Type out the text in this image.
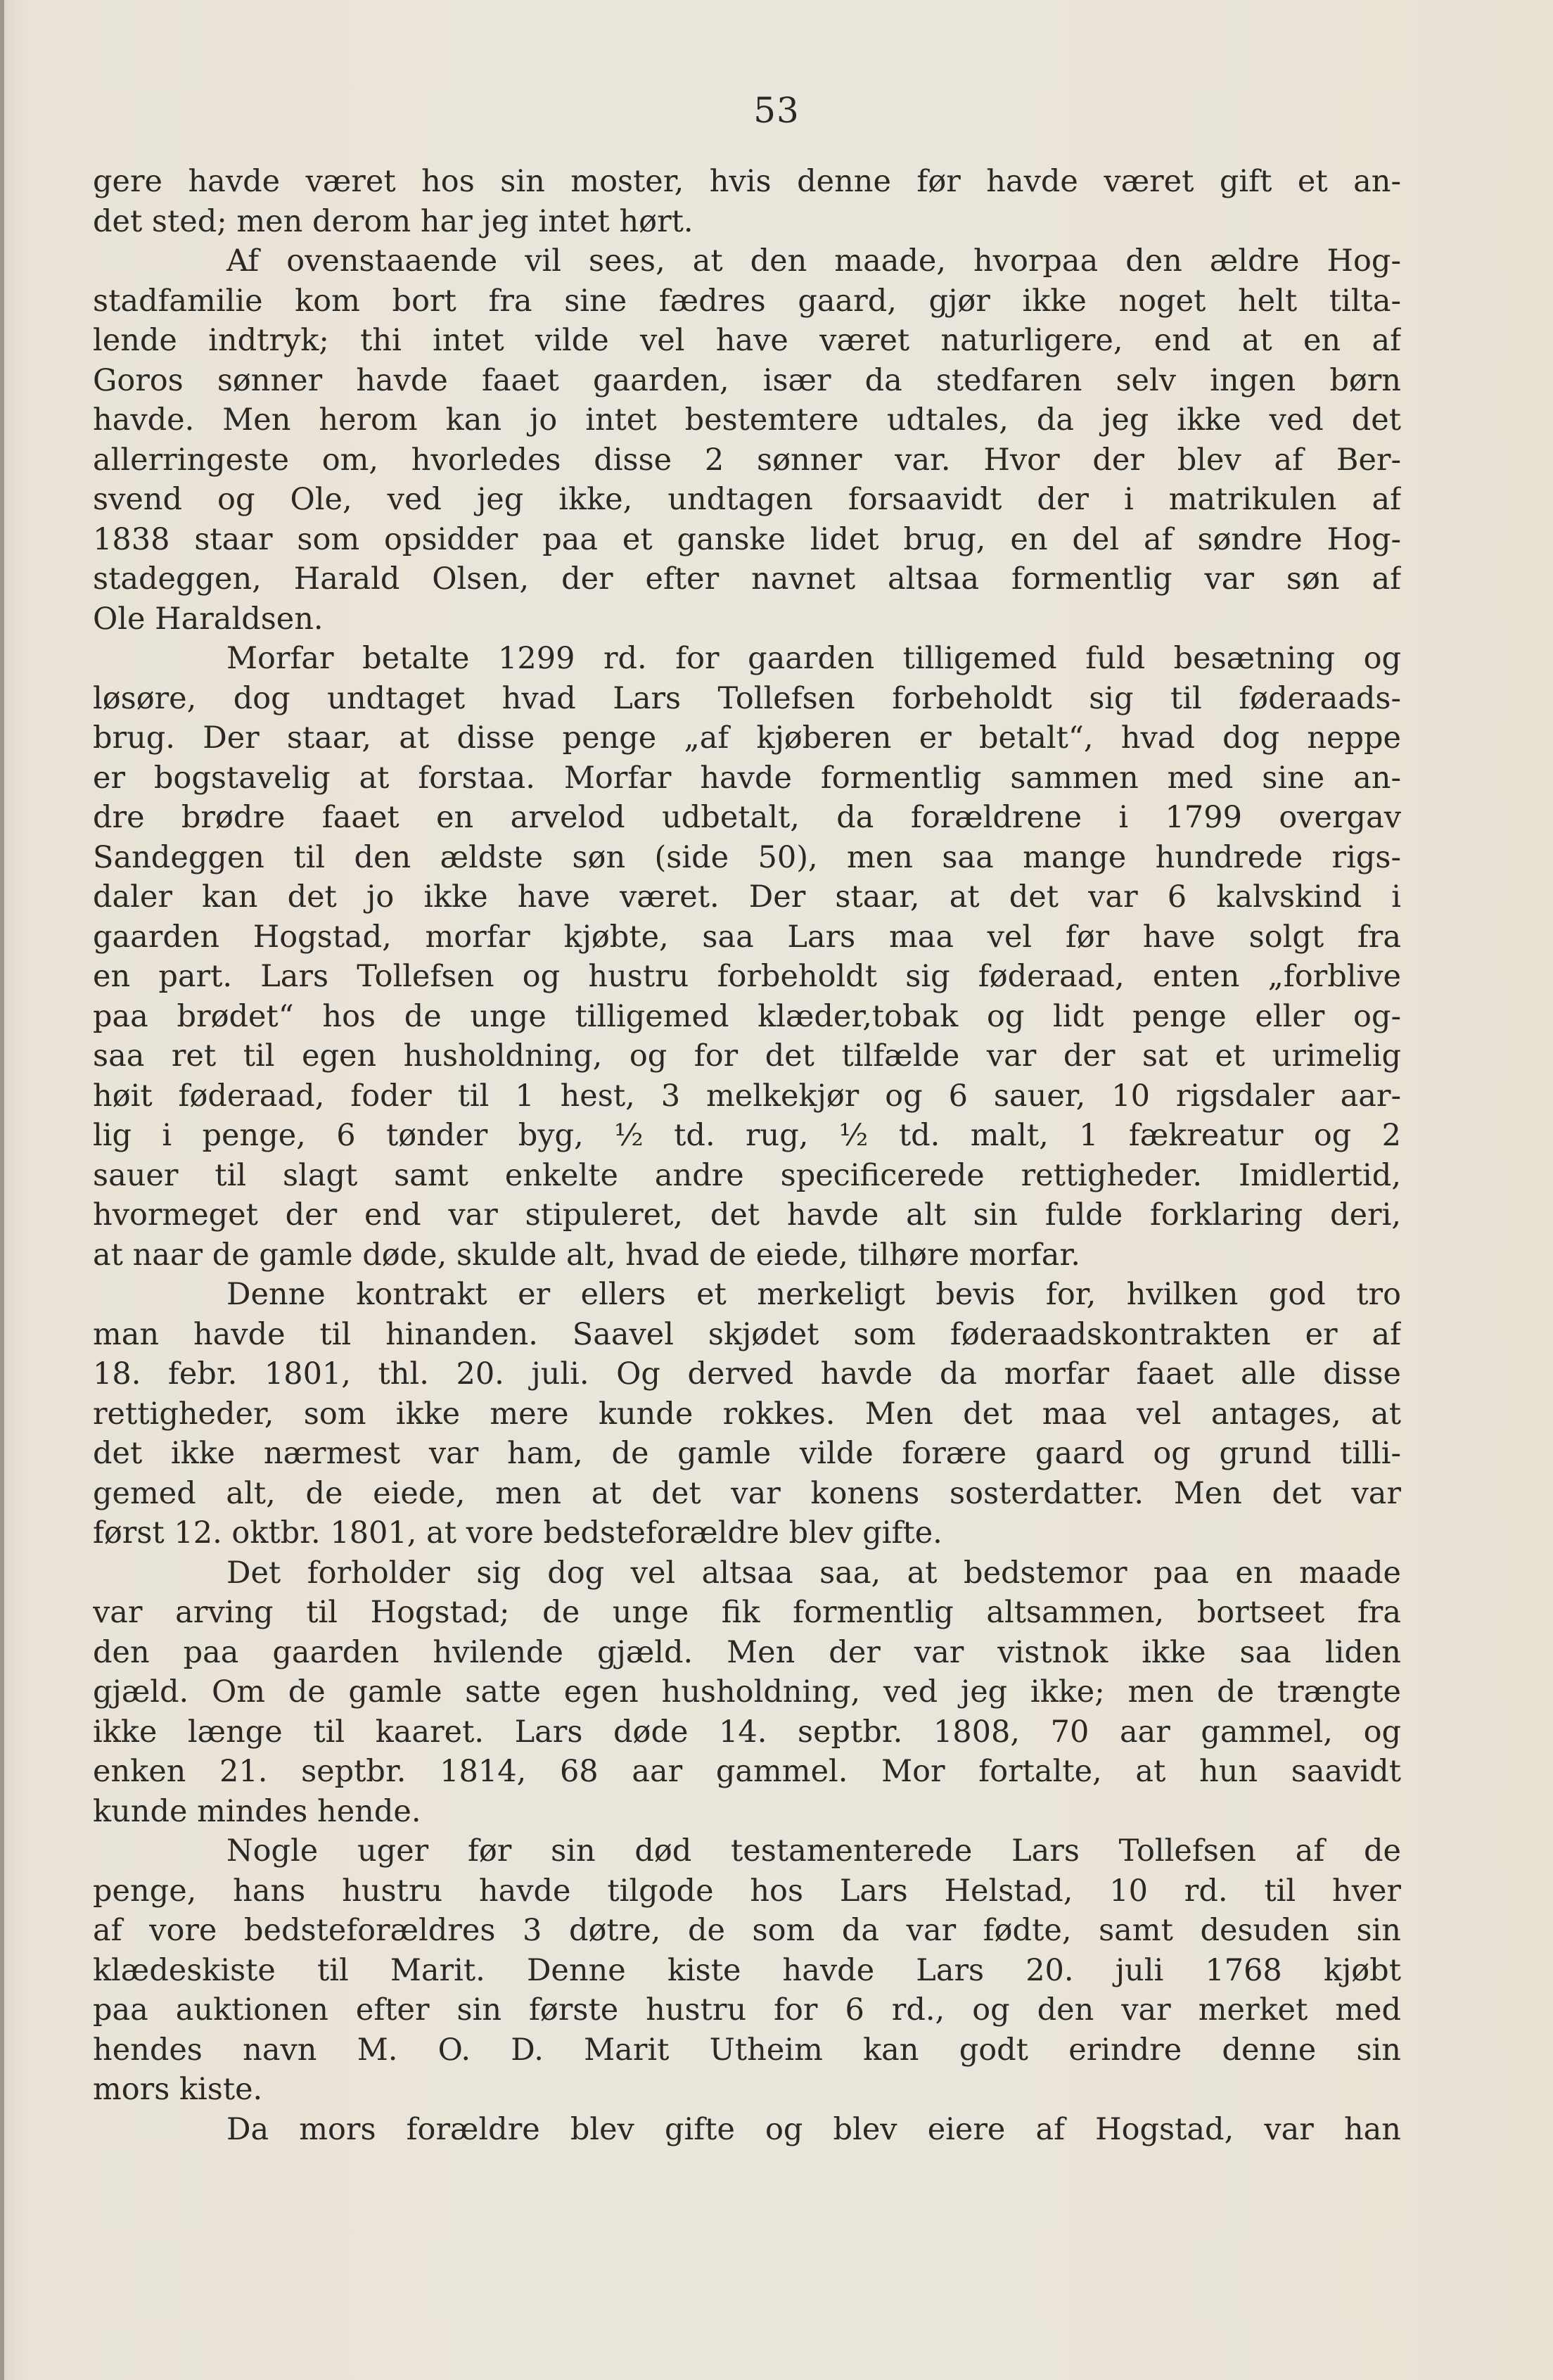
53
gere havde været hos sin moster, hvis denne før havde været gift et an-
det sted; men derom har jeg intet hørt.
Af ovenstaaende vil sees, at den maade, hvorpaa den ældre Hog-
stadfamilie kom bort fra sine fædres gaard, gjør ikke noget helt tilta-
lende indtryk; thi intet vilde vel have været naturligere, end at en af
Goros sønner havde faaet gaarden, især da stedfaren selv ingen børn
havde. Men herom kan jo intet bestemtere udtales, da jeg ikke ved det
allerringeste om, hvorledes disse 2 sønner var. Hvor der blev af Ber-
svend og Ole, ved jeg ikke, undtagen forsaavidt der i matrikulen af
1838 staar som opsidder paa et ganske lidet brug, en del af søndre Hog-
stadeggen, Harald Olsen, der efter navnet altsaa formentlig var søn af
Ole Haraldsen.
Morfar betalte 1299 rd. for gaarden tilligemed fuld besætning og
løsøre, dog undtaget hvad Lars Tollefsen forbeholdt sig til føderaads-
brug. Der staar, at disse penge „af kjøberen er betalt“, hvad dog neppe
er bogstavelig at forstaa. Morfar havde formentlig sammen med sine an-
dre brødre faaet en arvelod udbetalt, da forældrene i 1799 overgav
Sandeggen til den ældste søn (side 50), men saa mange hundrede rigs-
daler kan det jo ikke have været. Der staar, at det var 6 kalvskind i
gaarden Hogstad, morfar kjøbte, saa Lars maa vel før have solgt fra
en part. Lars Tollefsen og hustru forbeholdt sig føderaad, enten „forblive
paa brødet“ hos de unge tilligemed klæder,tobak og lidt penge eller og-
saa ret til egen husholdning, og for det tilfælde var der sat et urimelig
høit føderaad, foder til 1 hest, 3 melkekjør og 6 sauer, 10 rigsdaler aar-
lig i penge, 6 tønder byg, ½ td. rug, ½ td. malt, 1 fækreatur og 2
sauer til slagt samt enkelte andre specificerede rettigheder. Imidlertid,
hvormeget der end var stipuleret, det havde alt sin fulde forklaring deri,
at naar de gamle døde, skulde alt, hvad de eiede, tilhøre morfar.
Denne kontrakt er ellers et merkeligt bevis for, hvilken god tro
man havde til hinanden. Saavel skjødet som føderaadskontrakten er af
18. febr. 1801, thl. 20. juli. Og derved havde da morfar faaet alle disse
rettigheder, som ikke mere kunde rokkes. Men det maa vel antages, at
det ikke nærmest var ham, de gamle vilde forære gaard og grund tilli-
gemed alt, de eiede, men at det var konens sosterdatter. Men det var
først 12. oktbr. 1801, at vore bedsteforældre blev gifte.
Det forholder sig dog vel altsaa saa, at bedstemor paa en maade
var arving til Hogstad; de unge fik formentlig altsammen, bortseet fra
den paa gaarden hvilende gjæld. Men der var vistnok ikke saa liden
gjæld. Om de gamle satte egen husholdning, ved jeg ikke; men de trængte
ikke længe til kaaret. Lars døde 14. septbr. 1808, 70 aar gammel, og
enken 21. septbr. 1814, 68 aar gammel. Mor fortalte, at hun saavidt
kunde mindes hende.
Nogle uger før sin død testamenterede Lars Tollefsen af de
penge, hans hustru havde tilgode hos Lars Helstad, 10 rd. til hver
af vore bedsteforældres 3 døtre, de som da var fødte, samt desuden sin
klædeskiste til Marit. Denne kiste havde Lars 20. juli 1768 kjøbt
paa auktionen efter sin første hustru for 6 rd., og den var merket med
hendes navn M. O. D. Marit Utheim kan godt erindre denne sin
mors kiste.
Da mors forældre blev gifte og blev eiere af Hogstad, var han
